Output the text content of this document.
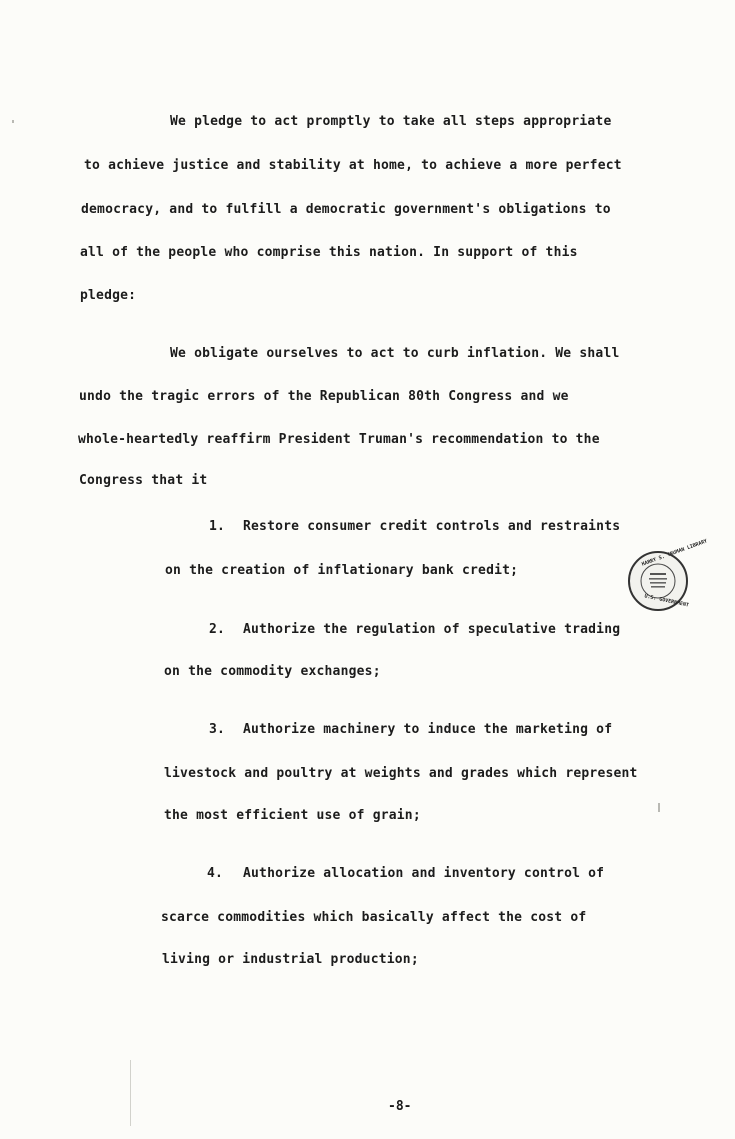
We pledge to act promptly to take all steps appropriate
to achieve justice and stability at home, to achieve a more perfect
democracy, and to fulfill a democratic government's obligations to
all of the people who comprise this nation. In support of this
pledge:
We obligate ourselves to act to curb inflation. We shall
undo the tragic errors of the Republican 80th Congress and we
whole-heartedly reaffirm President Truman's recommendation to the
Congress that it
1. Restore consumer credit controls and restraints
on the creation of inflationary bank credit;
2. Authorize the regulation of speculative trading
on the commodity exchanges;
3. Authorize machinery to induce the marketing of
livestock and poultry at weights and grades which represent
the most efficient use of grain;
4. Authorize allocation and inventory control of
scarce commodities which basically affect the cost of
living or industrial production;
HARRY S. TRUMAN LIBRARY
U.S. GOVERNMENT
-8-
